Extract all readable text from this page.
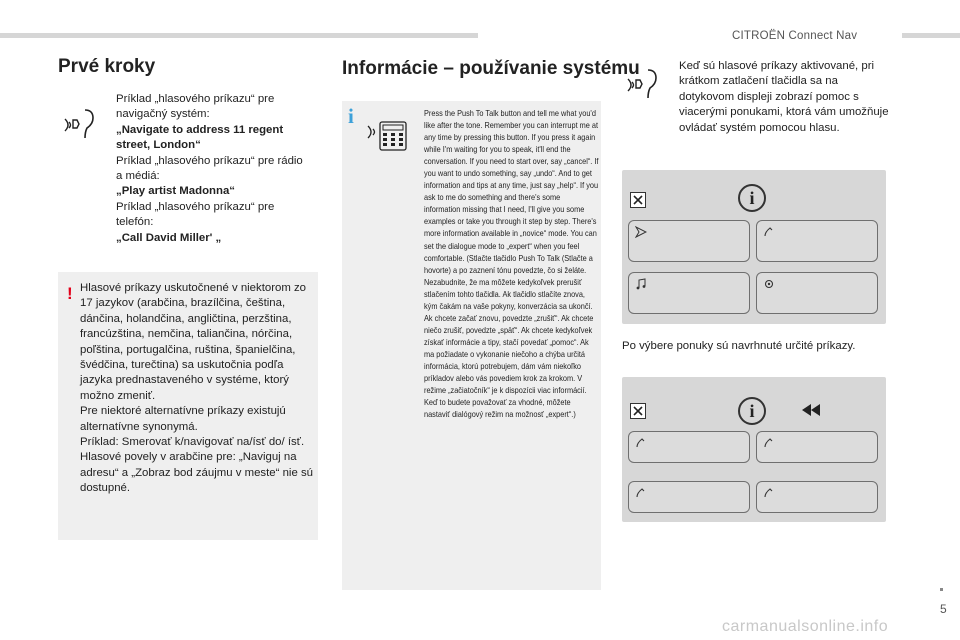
CITROËN Connect Nav
Prvé kroky
Príklad „hlasového príkazu“ pre navigačný systém:
„Navigate to address 11 regent street, London“
Príklad „hlasového príkazu“ pre rádio a médiá:
„Play artist Madonna“
Príklad „hlasového príkazu“ pre telefón:
„Call David Miller' „
! Hlasové príkazy uskutočnené v niektorom zo 17 jazykov (arabčina, brazílčina, čeština, dánčina, holandčina, angličtina, perzština, francúzština, nemčina, taliančina, nórčina, poľština, portugalčina, ruština, španielčina, švédčina, turečtina) sa uskutočnia podľa jazyka prednastaveného v systéme, ktorý možno zmeniť.
Pre niektoré alternatívne príkazy existujú alternatívne synonymá.
Príklad: Smerovať k/navigovať na/ísť do/ ísť.
Hlasové povely v arabčine pre: „Naviguj na adresu“ a „Zobraz bod záujmu v meste“ nie sú dostupné.
Informácie – používanie systému
i	Press the Push To Talk button and tell me what you'd like after the tone. Remember you can interrupt me at any time by pressing this button. If you press it again while I'm waiting for you to speak, it'll end the conversation. If you need to start over, say „cancel“. If you want to undo something, say „undo“. And to get information and tips at any time, just say „help“. If you ask to me do something and there's some information missing that I need, I'll give you some examples or take you through it step by step. There's more information available in „novice“ mode. You can set the dialogue mode to „expert“ when you feel comfortable. (Stlačte tlačidlo Push To Talk (Stlačte a hovorte) a po zaznení tónu povedzte, čo si želáte. Nezabudnite, že ma môžete kedykoľvek prerušiť stlačením tohto tlačidla. Ak tlačidlo stlačíte znova, kým čakám na vaše pokyny, konverzácia sa ukončí. Ak chcete začať znovu, povedzte „zrušiť“. Ak chcete niečo zrušiť, povedzte „späť“. Ak chcete kedykoľvek získať informácie a tipy, stačí povedať „pomoc“. Ak ma požiadate o vykonanie niečoho a chýba určitá informácia, ktorú potrebujem, dám vám niekoľko príkladov alebo vás povediem krok za krokom. V režime „začiatočník“ je k dispozícii viac informácií. Keď to budete považovať za vhodné, môžete nastaviť dialógový režim na možnosť „expert“.)
Keď sú hlasové príkazy aktivované, pri krátkom zatlačení tlačidla sa na dotykovom displeji zobrazí pomoc s viacerými ponukami, ktorá vám umožňuje ovládať systém pomocou hlasu.
i
Po výbere ponuky sú navrhnuté určité príkazy.
i
5
carmanualsonline.info
